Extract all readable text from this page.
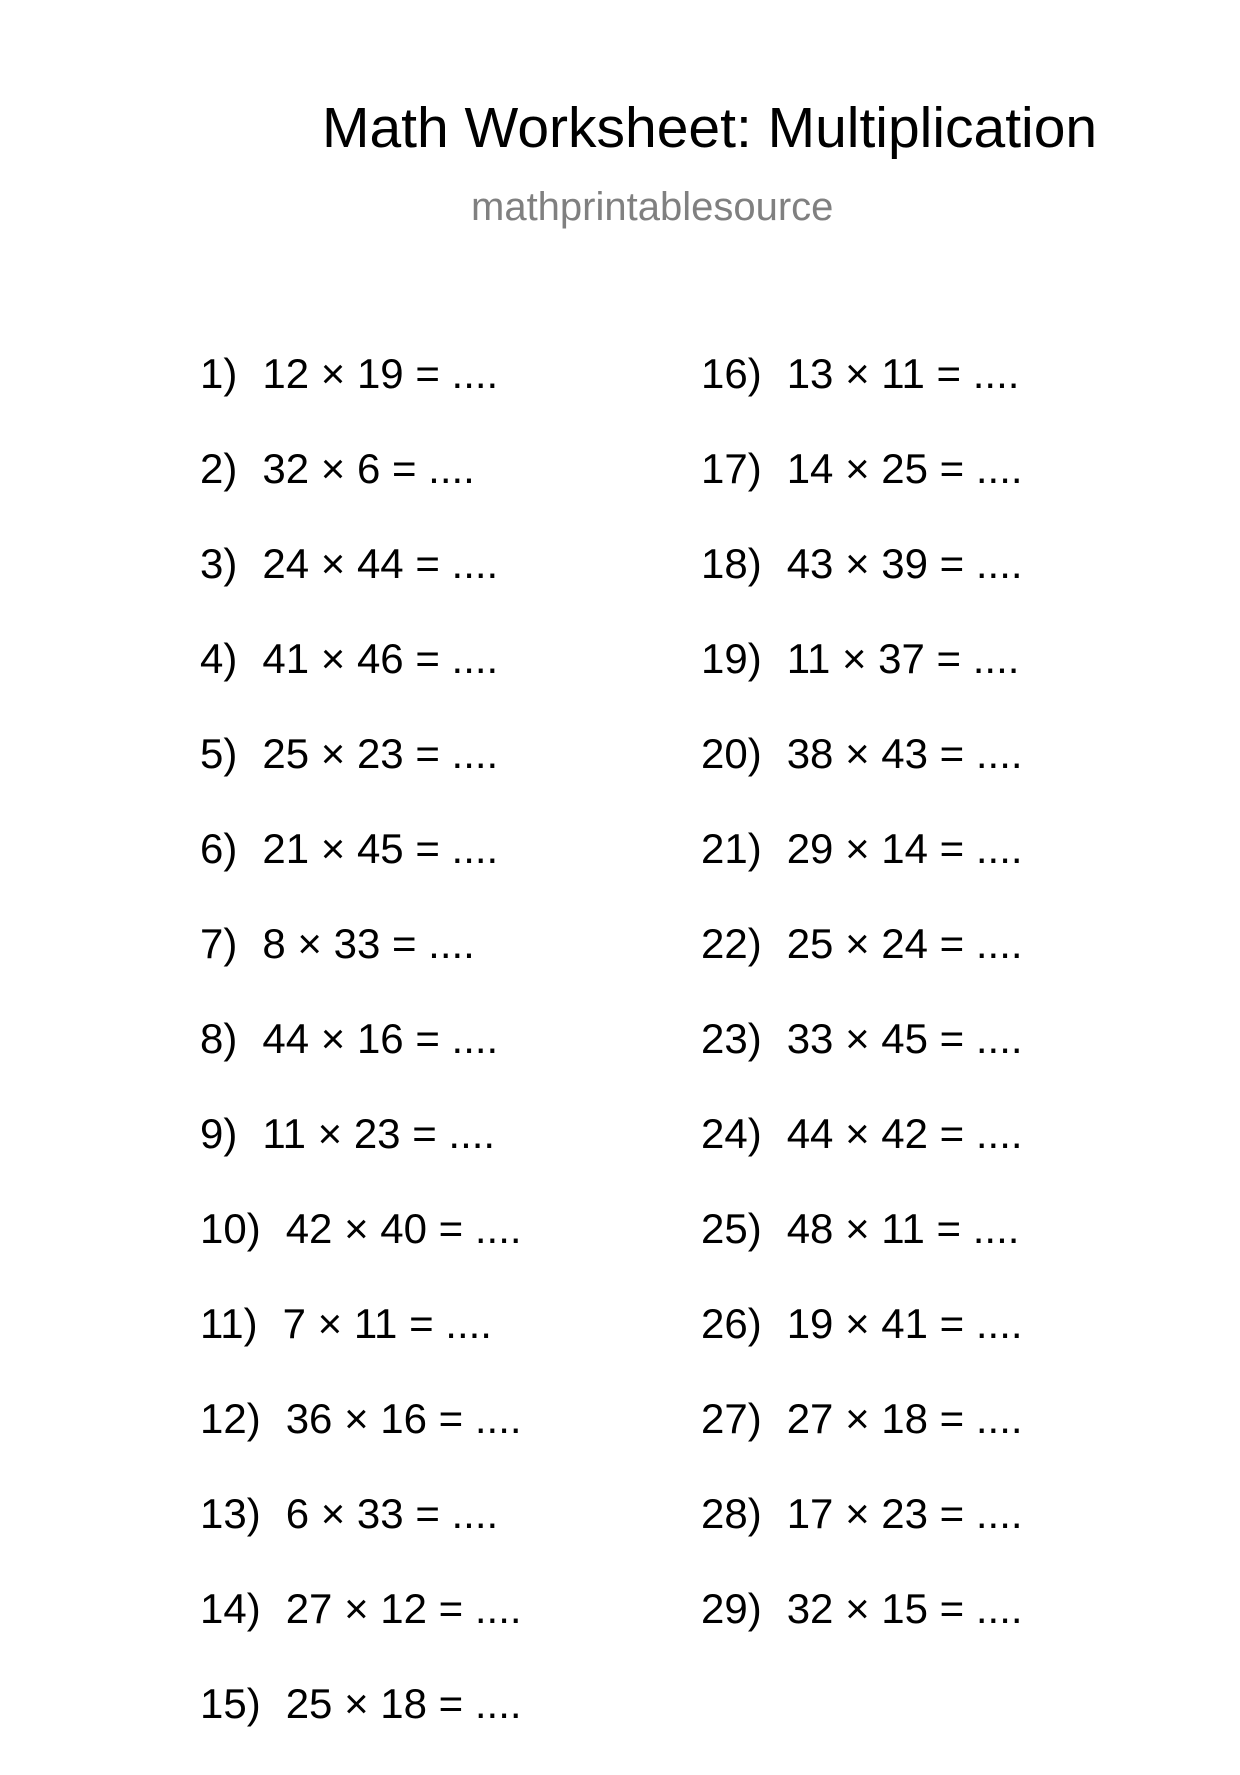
Math Worksheet: Multiplication
mathprintablesource
1) 12 × 19 = ....
2) 32 × 6 = ....
3) 24 × 44 = ....
4) 41 × 46 = ....
5) 25 × 23 = ....
6) 21 × 45 = ....
7) 8 × 33 = ....
8) 44 × 16 = ....
9) 11 × 23 = ....
10) 42 × 40 = ....
11) 7 × 11 = ....
12) 36 × 16 = ....
13) 6 × 33 = ....
14) 27 × 12 = ....
15) 25 × 18 = ....
16) 13 × 11 = ....
17) 14 × 25 = ....
18) 43 × 39 = ....
19) 11 × 37 = ....
20) 38 × 43 = ....
21) 29 × 14 = ....
22) 25 × 24 = ....
23) 33 × 45 = ....
24) 44 × 42 = ....
25) 48 × 11 = ....
26) 19 × 41 = ....
27) 27 × 18 = ....
28) 17 × 23 = ....
29) 32 × 15 = ....
